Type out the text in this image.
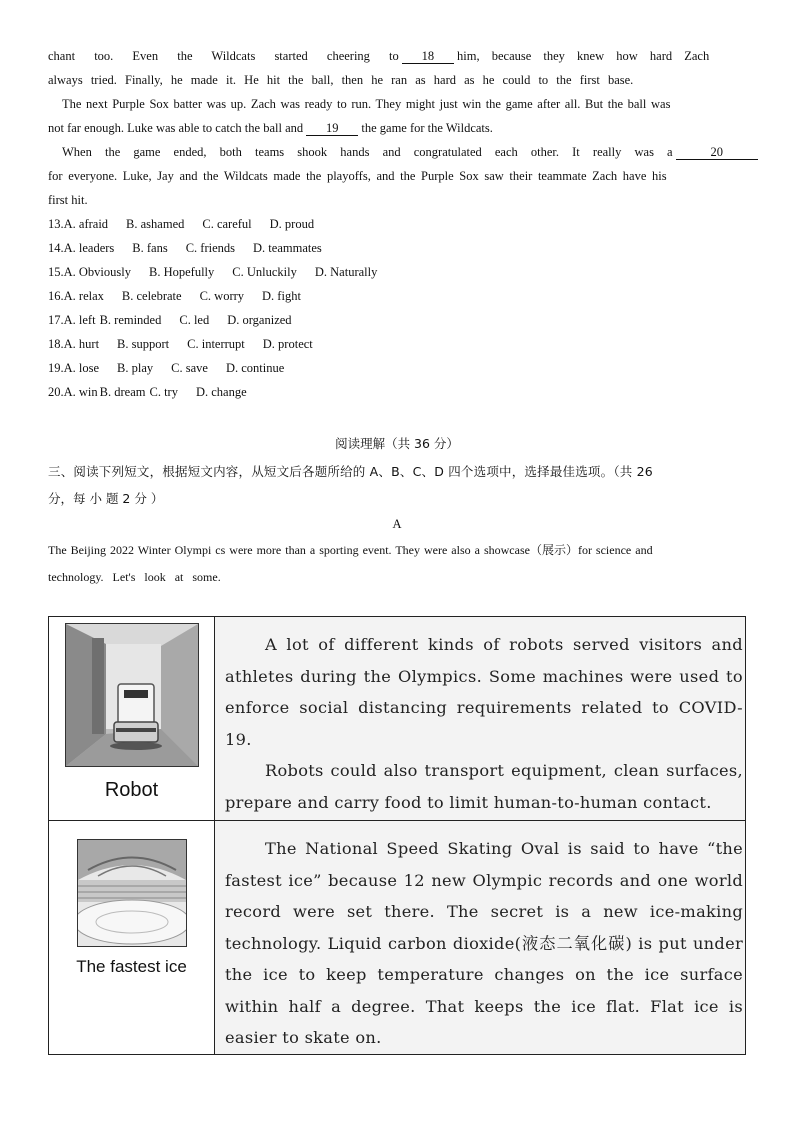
chant too. Even the Wildcats started cheering to 18 him, because they knew how hard Zach
always tried. Finally, he made it. He hit the ball, then he ran as hard as he could to the first base.
The next Purple Sox batter was up. Zach was ready to run. They might just win the game after all. But the ball was
not far enough. Luke was able to catch the ball and 19 the game for the Wildcats.
When the game ended, both teams shook hands and congratulated each other. It really was a	20
for everyone. Luke, Jay and the Wildcats made the playoffs, and the Purple Sox saw their teammate Zach have his
first hit.
13.A. afraid B. ashamed C. careful D. proud
14.A. leaders B. fans C. friends D. teammates
15.A. Obviously B. Hopefully C. Unluckily D. Naturally
16.A. relax B. celebrate C. worry D. fight
17.A. left B. reminded C. led D. organized
18.A. hurt B. support C. interrupt D. protect
19.A. lose B. play C. save D. continue
20.A. win B. dream C. try D. change
阅读理解（共 36 分）
三、阅读下列短文，根据短文内容，从短文后各题所给的 A、B、C、D 四个选项中，选择最佳选项。（共 26
分，每 小 题 2 分 ）
A
The Beijing 2022 Winter Olympi cs were more than a sporting event. They were also a showcase（展示）for science and
technology. Let's look at some.
Robot	A lot of different kinds of robots served visitors and athletes during the Olympics. Some machines were used to enforce social distancing requirements related to COVID-19.
Robots could also transport equipment, clean surfaces, prepare and carry food to limit human-to-human contact.

The fastest ice	The National Speed Skating Oval is said to have “the fastest ice” because 12 new Olympic records and one world record were set there. The secret is a new ice-making technology. Liquid carbon dioxide(液态二氧化碳) is put under the ice to keep temperature changes on the ice surface within half a degree. That keeps the ice flat. Flat ice is easier to skate on.
